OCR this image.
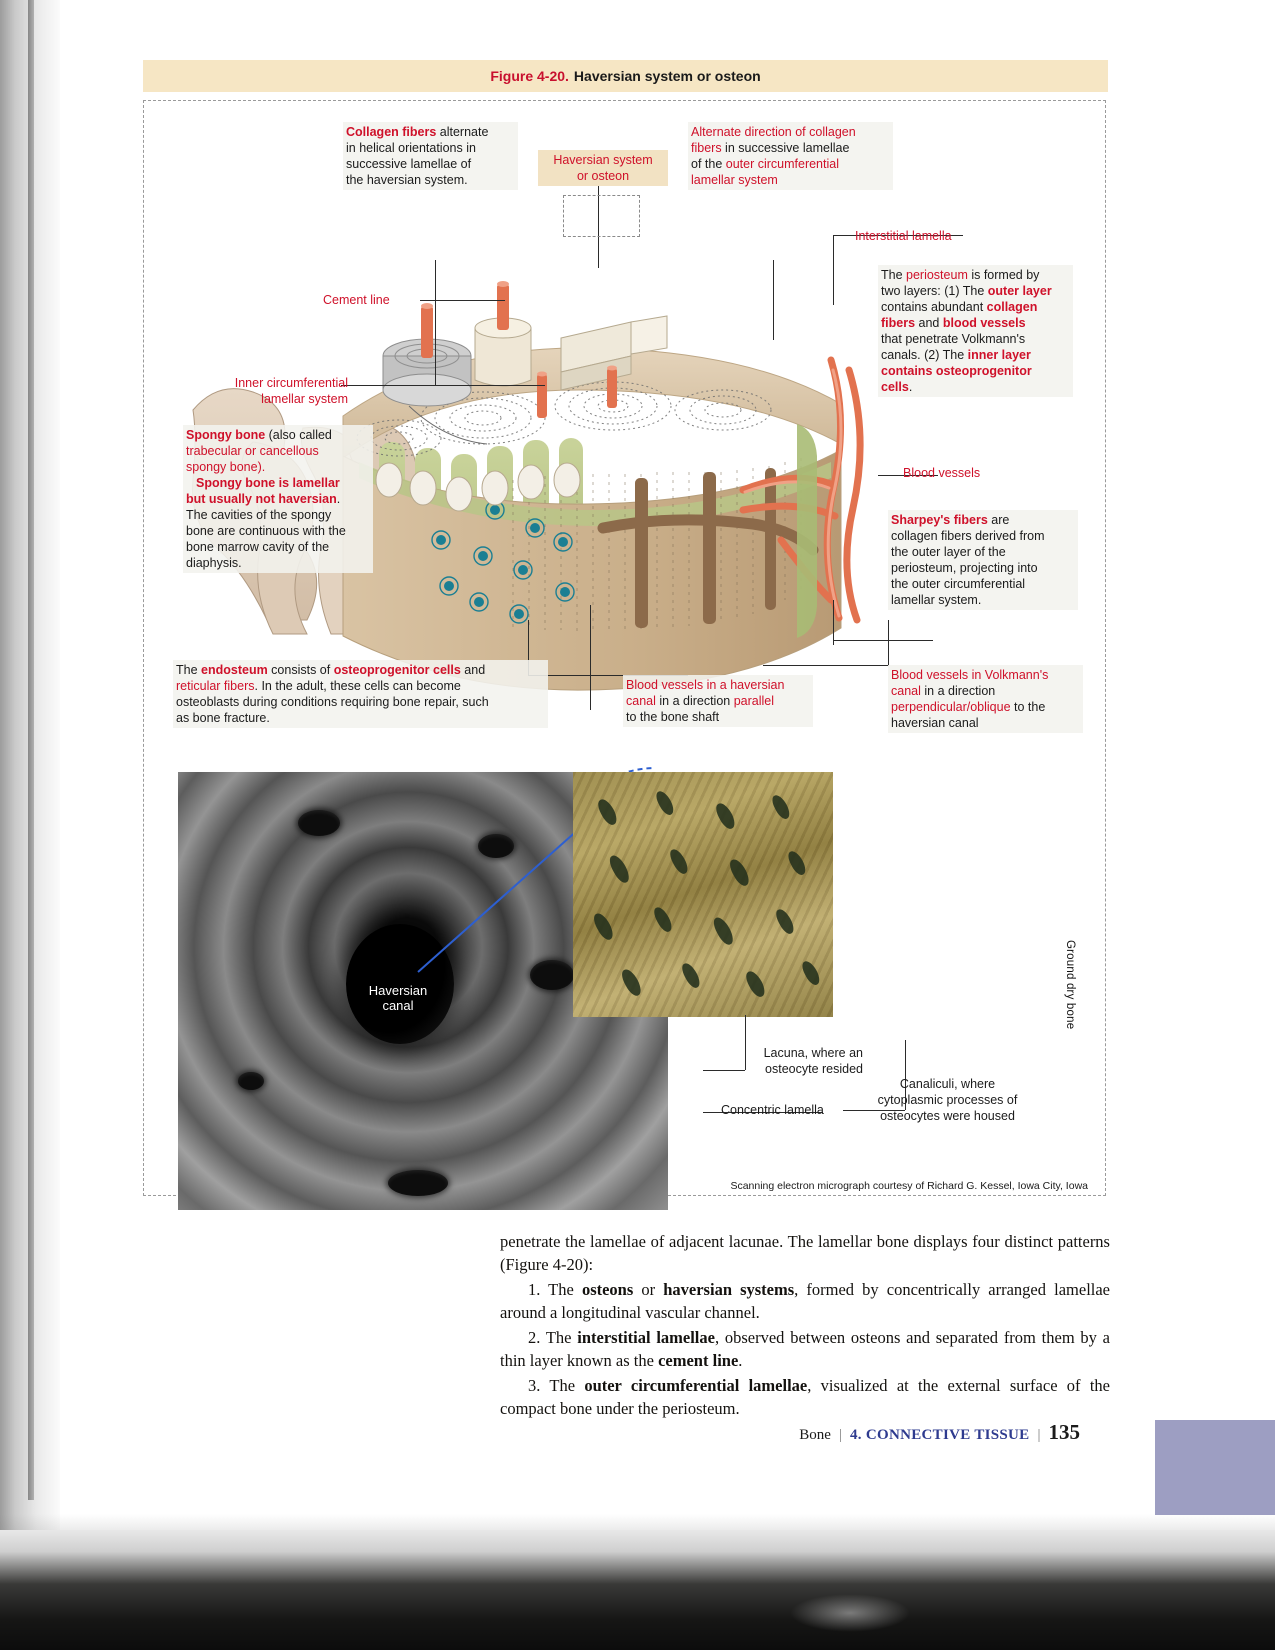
Figure 4-20. Haversian system or osteon
Collagen fibers alternate
in helical orientations in
successive lamellae of
the haversian system.
Haversian system
or osteon
Alternate direction of collagen
fibers in successive lamellae
of the outer circumferential
lamellar system
Interstitial lamella
Cement line
Inner circumferential
lamellar system
The periosteum is formed by
two layers: (1) The outer layer
contains abundant collagen
fibers and blood vessels
that penetrate Volkmann's
canals. (2) The inner layer
contains osteoprogenitor
cells.
Blood vessels
Sharpey's fibers are
collagen fibers derived from
the outer layer of the
periosteum, projecting into
the outer circumferential
lamellar system.
Spongy bone (also called
trabecular or cancellous
spongy bone).
Spongy bone is lamellar
but usually not haversian.
The cavities of the spongy
bone are continuous with the
bone marrow cavity of the
diaphysis.
The endosteum consists of osteoprogenitor cells and
reticular fibers. In the adult, these cells can become
osteoblasts during conditions requiring bone repair, such
as bone fracture.
Blood vessels in a haversian
canal in a direction parallel
to the bone shaft
Blood vessels in Volkmann's
canal in a direction
perpendicular/oblique to the
haversian canal
Haversian
canal	Ground dry bone
Lacuna, where an
osteocyte resided
Canaliculi, where
cytoplasmic processes of
osteocytes were housed
Concentric lamella
Scanning electron micrograph courtesy of Richard G. Kessel, Iowa City, Iowa

penetrate the lamellae of adjacent lacunae. The lamellar bone displays four distinct patterns (Figure 4-20):

1. The osteons or haversian systems, formed by concentrically arranged lamellae around a longitudinal vascular channel.

2. The interstitial lamellae, observed between osteons and separated from them by a thin layer known as the cement line.

3. The outer circumferential lamellae, visualized at the external surface of the compact bone under the periosteum.

Bone | 4. CONNECTIVE TISSUE | 135
